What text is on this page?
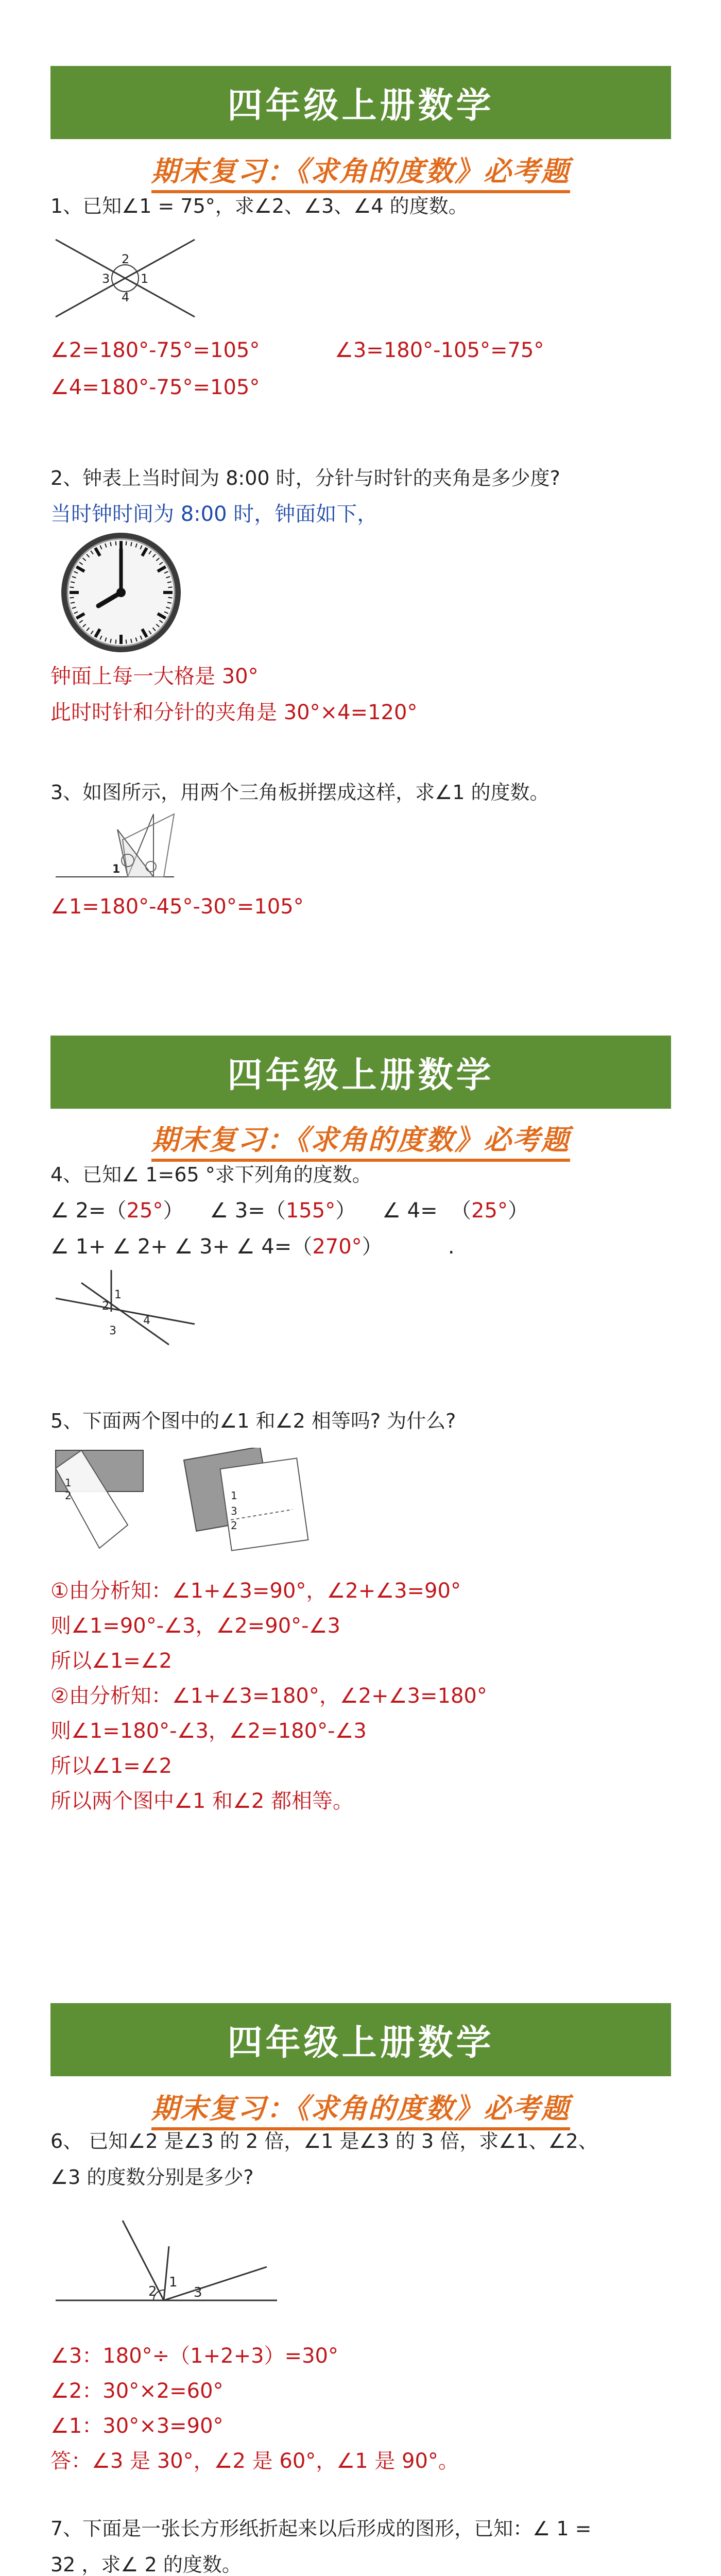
四年级上册数学
期末复习：《求角的度数》必考题
1、已知∠1 = 75°，求∠2、∠3、∠4 的度数。
2
1
3
4
∠2=180°-75°=105°	∠3=180°-105°=75°
∠4=180°-75°=105°
2、钟表上当时间为 8:00 时，分针与时针的夹角是多少度?
当时钟时间为 8:00 时，钟面如下，
钟面上每一大格是 30°
此时时针和分针的夹角是 30°×4=120°
3、如图所示，用两个三角板拼摆成这样，求∠1 的度数。
1
∠1=180°-45°-30°=105°
四年级上册数学
期末复习：《求角的度数》必考题
4、已知∠ 1=65 °求下列角的度数。
∠ 2=（25°）    ∠ 3=（155°）    ∠ 4=  （25°）
∠ 1+ ∠ 2+ ∠ 3+ ∠ 4=（270°）          .
1
2
3
4
5、下面两个图中的∠1 和∠2 相等吗? 为什么?
1
2	1
3
2
①由分析知：∠1+∠3=90°，∠2+∠3=90°
则∠1=90°-∠3，∠2=90°-∠3
所以∠1=∠2
②由分析知：∠1+∠3=180°，∠2+∠3=180°
则∠1=180°-∠3，∠2=180°-∠3
所以∠1=∠2
所以两个图中∠1 和∠2 都相等。
四年级上册数学
期末复习：《求角的度数》必考题
6、 已知∠2 是∠3 的 2 倍，∠1 是∠3 的 3 倍，求∠1、∠2、
∠3 的度数分别是多少?
2
1
3
∠3：180°÷（1+2+3）=30°
∠2：30°×2=60°
∠1：30°×3=90°
答：∠3 是 30°，∠2 是 60°，∠1 是 90°。
7、下面是一张长方形纸折起来以后形成的图形，已知：∠ 1 =
32 ，求∠ 2 的度数。
